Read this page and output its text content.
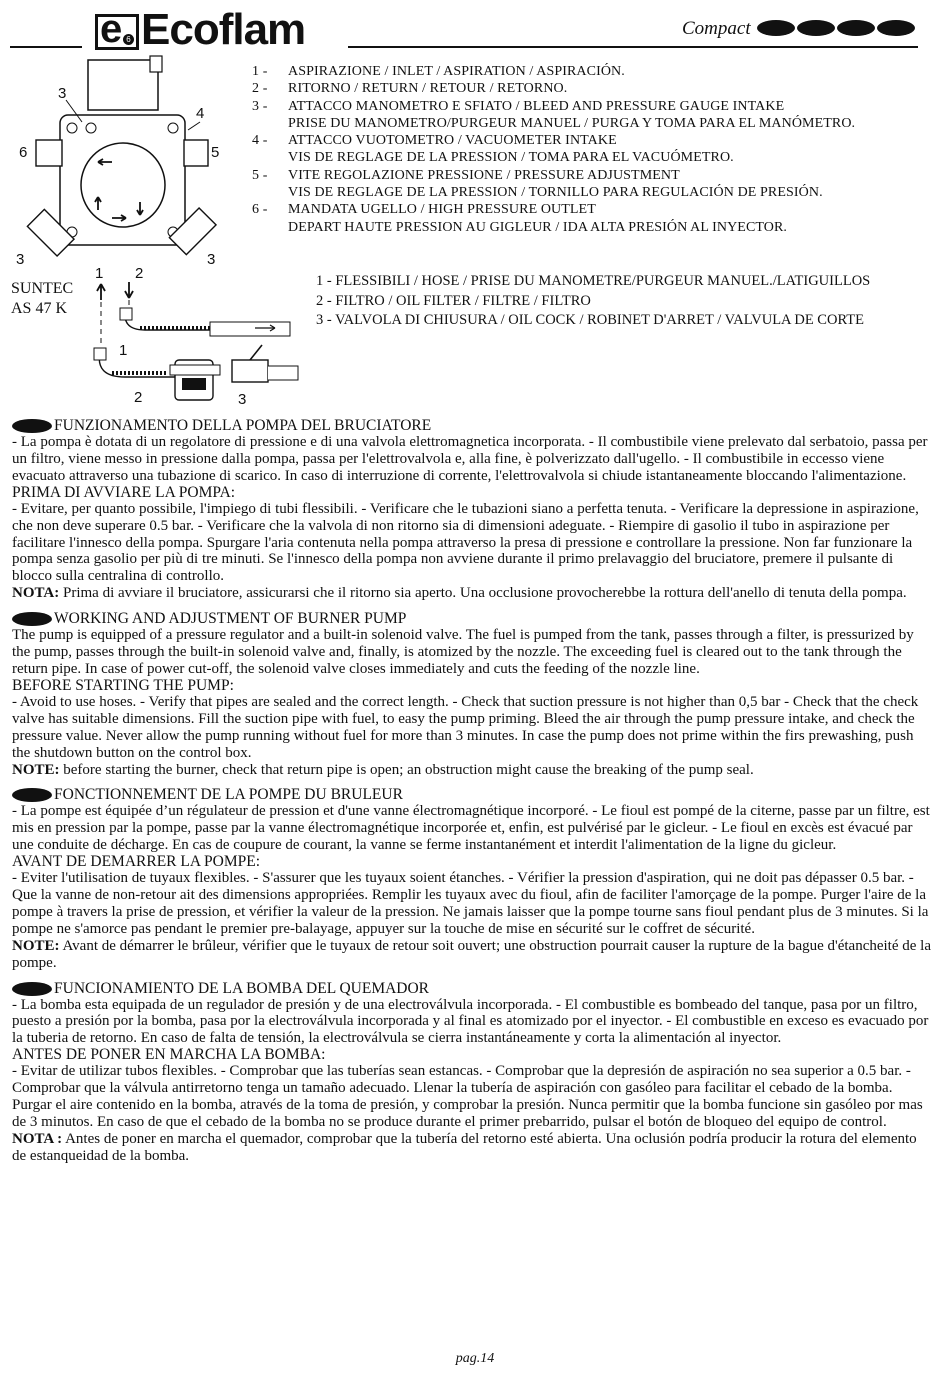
e 6 Ecoflam	Compact
3
4
6	5
3	3
1 2
1
2	3
SUNTEC
AS 47 K
1 -	ASPIRAZIONE / INLET / ASPIRATION / ASPIRACIÓN.
2 -	RITORNO / RETURN / RETOUR / RETORNO.
3 -	ATTACCO MANOMETRO E SFIATO / BLEED AND PRESSURE GAUGE INTAKE
PRISE DU MANOMETRO/PURGEUR MANUEL / PURGA Y TOMA PARA EL MANÓMETRO.
4 -	ATTACCO VUOTOMETRO / VACUOMETER INTAKE
VIS DE REGLAGE DE LA PRESSION / TOMA PARA EL VACUÓMETRO.
5 -	VITE REGOLAZIONE PRESSIONE / PRESSURE ADJUSTMENT
VIS DE REGLAGE DE LA PRESSION / TORNILLO PARA REGULACIÓN DE PRESIÓN.
6 -	MANDATA UGELLO / HIGH PRESSURE OUTLET
DEPART HAUTE PRESSION AU GIGLEUR / IDA ALTA PRESIÓN AL INYECTOR.
1 - FLESSIBILI / HOSE / PRISE DU MANOMETRE/PURGEUR MANUEL./LATIGUILLOS
2 - FILTRO / OIL FILTER / FILTRE / FILTRO
3 - VALVOLA DI CHIUSURA / OIL COCK / ROBINET D'ARRET / VALVULA DE CORTE
FUNZIONAMENTO DELLA POMPA DEL BRUCIATORE
- La pompa è dotata di un regolatore di pressione e di una valvola elettromagnetica incorporata. - Il combustibile viene prelevato dal serbatoio, passa per un filtro, viene messo in pressione dalla pompa, passa per l'elettrovalvola e, alla fine, è polverizzato dall'ugello. - Il combustibile in eccesso viene evacuato attraverso una tubazione di scarico. In caso di interruzione di corrente, l'elettrovalvola si chiude istantaneamente bloccando l'alimentazione.
PRIMA DI AVVIARE LA POMPA:
- Evitare, per quanto possibile, l'impiego di tubi flessibili. - Verificare che le tubazioni siano a perfetta tenuta. - Verificare la depressione in aspirazione, che non deve superare 0.5 bar. - Verificare che la valvola di non ritorno sia di dimensioni adeguate. - Riempire di gasolio il tubo in aspirazione per facilitare l'innesco della pompa. Spurgare l'aria contenuta nella pompa attraverso la presa di pressione e controllare la pressione. Non far funzionare la pompa senza gasolio per più di tre minuti. Se l'innesco della pompa non avviene durante il primo prelavaggio del bruciatore, premere il pulsante di blocco sulla centralina di controllo.
NOTA: Prima di avviare il bruciatore, assicurarsi che il ritorno sia aperto. Una occlusione provocherebbe la rottura dell'anello di tenuta della pompa.
WORKING AND ADJUSTMENT OF BURNER PUMP
The pump is equipped of a pressure regulator and a built-in solenoid valve. The fuel is pumped from the tank, passes through a filter, is pressurized by the pump, passes through the built-in solenoid valve and, finally, is atomized by the nozzle. The exceeding fuel is cleared out to the tank through the return pipe. In case of power cut-off, the solenoid valve closes immediately and cuts the feeding of the nozzle line.
BEFORE STARTING THE PUMP:
- Avoid to use hoses. - Verify that pipes are sealed and the correct length. - Check that suction pressure is not higher than 0,5 bar - Check that the check valve has suitable dimensions. Fill the suction pipe with fuel, to easy the pump priming. Bleed the air through the pump pressure intake, and check the pressure value. Never allow the pump running without fuel for more than 3 minutes. In case the pump does not prime within the firs prewashing, push the shutdown button on the control box.
NOTE: before starting the burner, check that return pipe is open; an obstruction might cause the breaking of the pump seal.
FONCTIONNEMENT DE LA POMPE DU BRULEUR
- La pompe est équipée d’un régulateur de pression et d'une vanne électromagnétique incorporé. - Le fioul est pompé de la citerne, passe par un filtre, est mis en pression par la pompe, passe par la vanne électromagnétique incorporée et, enfin, est pulvérisé par le gicleur. - Le fioul en excès est évacué par une conduite de décharge. En cas de coupure de courant, la vanne se ferme instantanément et interdit l'alimentation de la ligne du gicleur.
AVANT DE DEMARRER LA POMPE:
- Eviter l'utilisation de tuyaux flexibles. - S'assurer que les tuyaux soient étanches. - Vérifier la pression d'aspiration, qui ne doit pas dépasser 0.5 bar. - Que la vanne de non-retour ait des dimensions appropriées. Remplir les tuyaux avec du fioul, afin de faciliter l'amorçage de la pompe. Purger l'aire de la pompe à travers la prise de pression, et vérifier la valeur de la pression. Ne jamais laisser que la pompe tourne sans fioul pendant plus de 3 minutes. Si la pompe ne s'amorce pas pendant le premier pre-balayage, appuyer sur la touche de mise en sécurité sur le coffret de sécurité.
NOTE: Avant de démarrer le brûleur, vérifier que le tuyaux de retour soit ouvert; une obstruction pourrait causer la rupture de la bague d'étancheité de la pompe.
FUNCIONAMIENTO DE LA BOMBA DEL QUEMADOR
- La bomba esta equipada de un regulador de presión y de una electroválvula incorporada. - El combustible es bombeado del tanque, pasa por un filtro, puesto a presión por la bomba, pasa por la electroválvula incorporada y al final es atomizado por el inyector. - El combustible en exceso es evacuado por la tuberia de retorno. En caso de falta de tensión, la electroválvula se cierra instantáneamente y corta la alimentación al inyector.
ANTES DE PONER EN MARCHA LA BOMBA:
- Evitar de utilizar tubos flexibles. - Comprobar que las tuberías sean estancas. - Comprobar que la depresión de aspiración no sea superior a 0.5 bar. - Comprobar que la válvula antirretorno tenga un tamaño adecuado. Llenar la tubería de aspiración con gasóleo para facilitar el cebado de la bomba. Purgar el aire contenido en la bomba, através de la toma de presión, y comprobar la presión. Nunca permitir que la bomba funcione sin gasóleo por mas de 3 minutos. En caso de que el cebado de la bomba no se produce durante el primer prebarrido, pulsar el botón de bloqueo del equipo de control.
NOTA : Antes de poner en marcha el quemador, comprobar que la tubería del retorno esté abierta. Una oclusión podría producir la rotura del elemento de estanqueidad de la bomba.
pag.14
